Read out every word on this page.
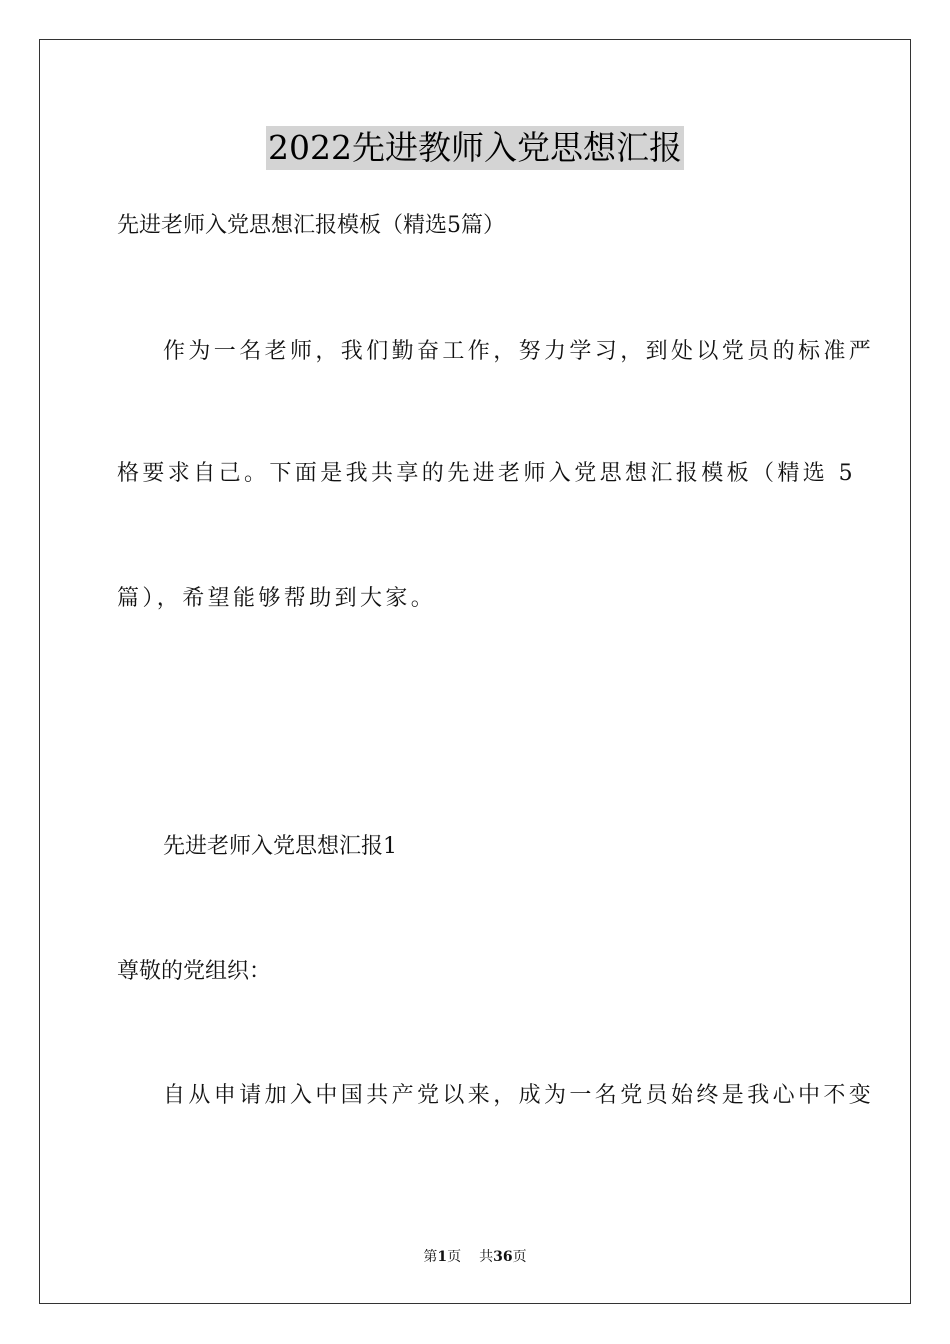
2022先进教师入党思想汇报
先进老师入党思想汇报模板（精选5篇）
作为一名老师，我们勤奋工作，努力学习，到处以党员的标准严
格要求自己。下面是我共享的先进老师入党思想汇报模板（精选 5
篇），希望能够帮助到大家。
先进老师入党思想汇报1
尊敬的党组织：
自从申请加入中国共产党以来，成为一名党员始终是我心中不变
第1页 共36页
